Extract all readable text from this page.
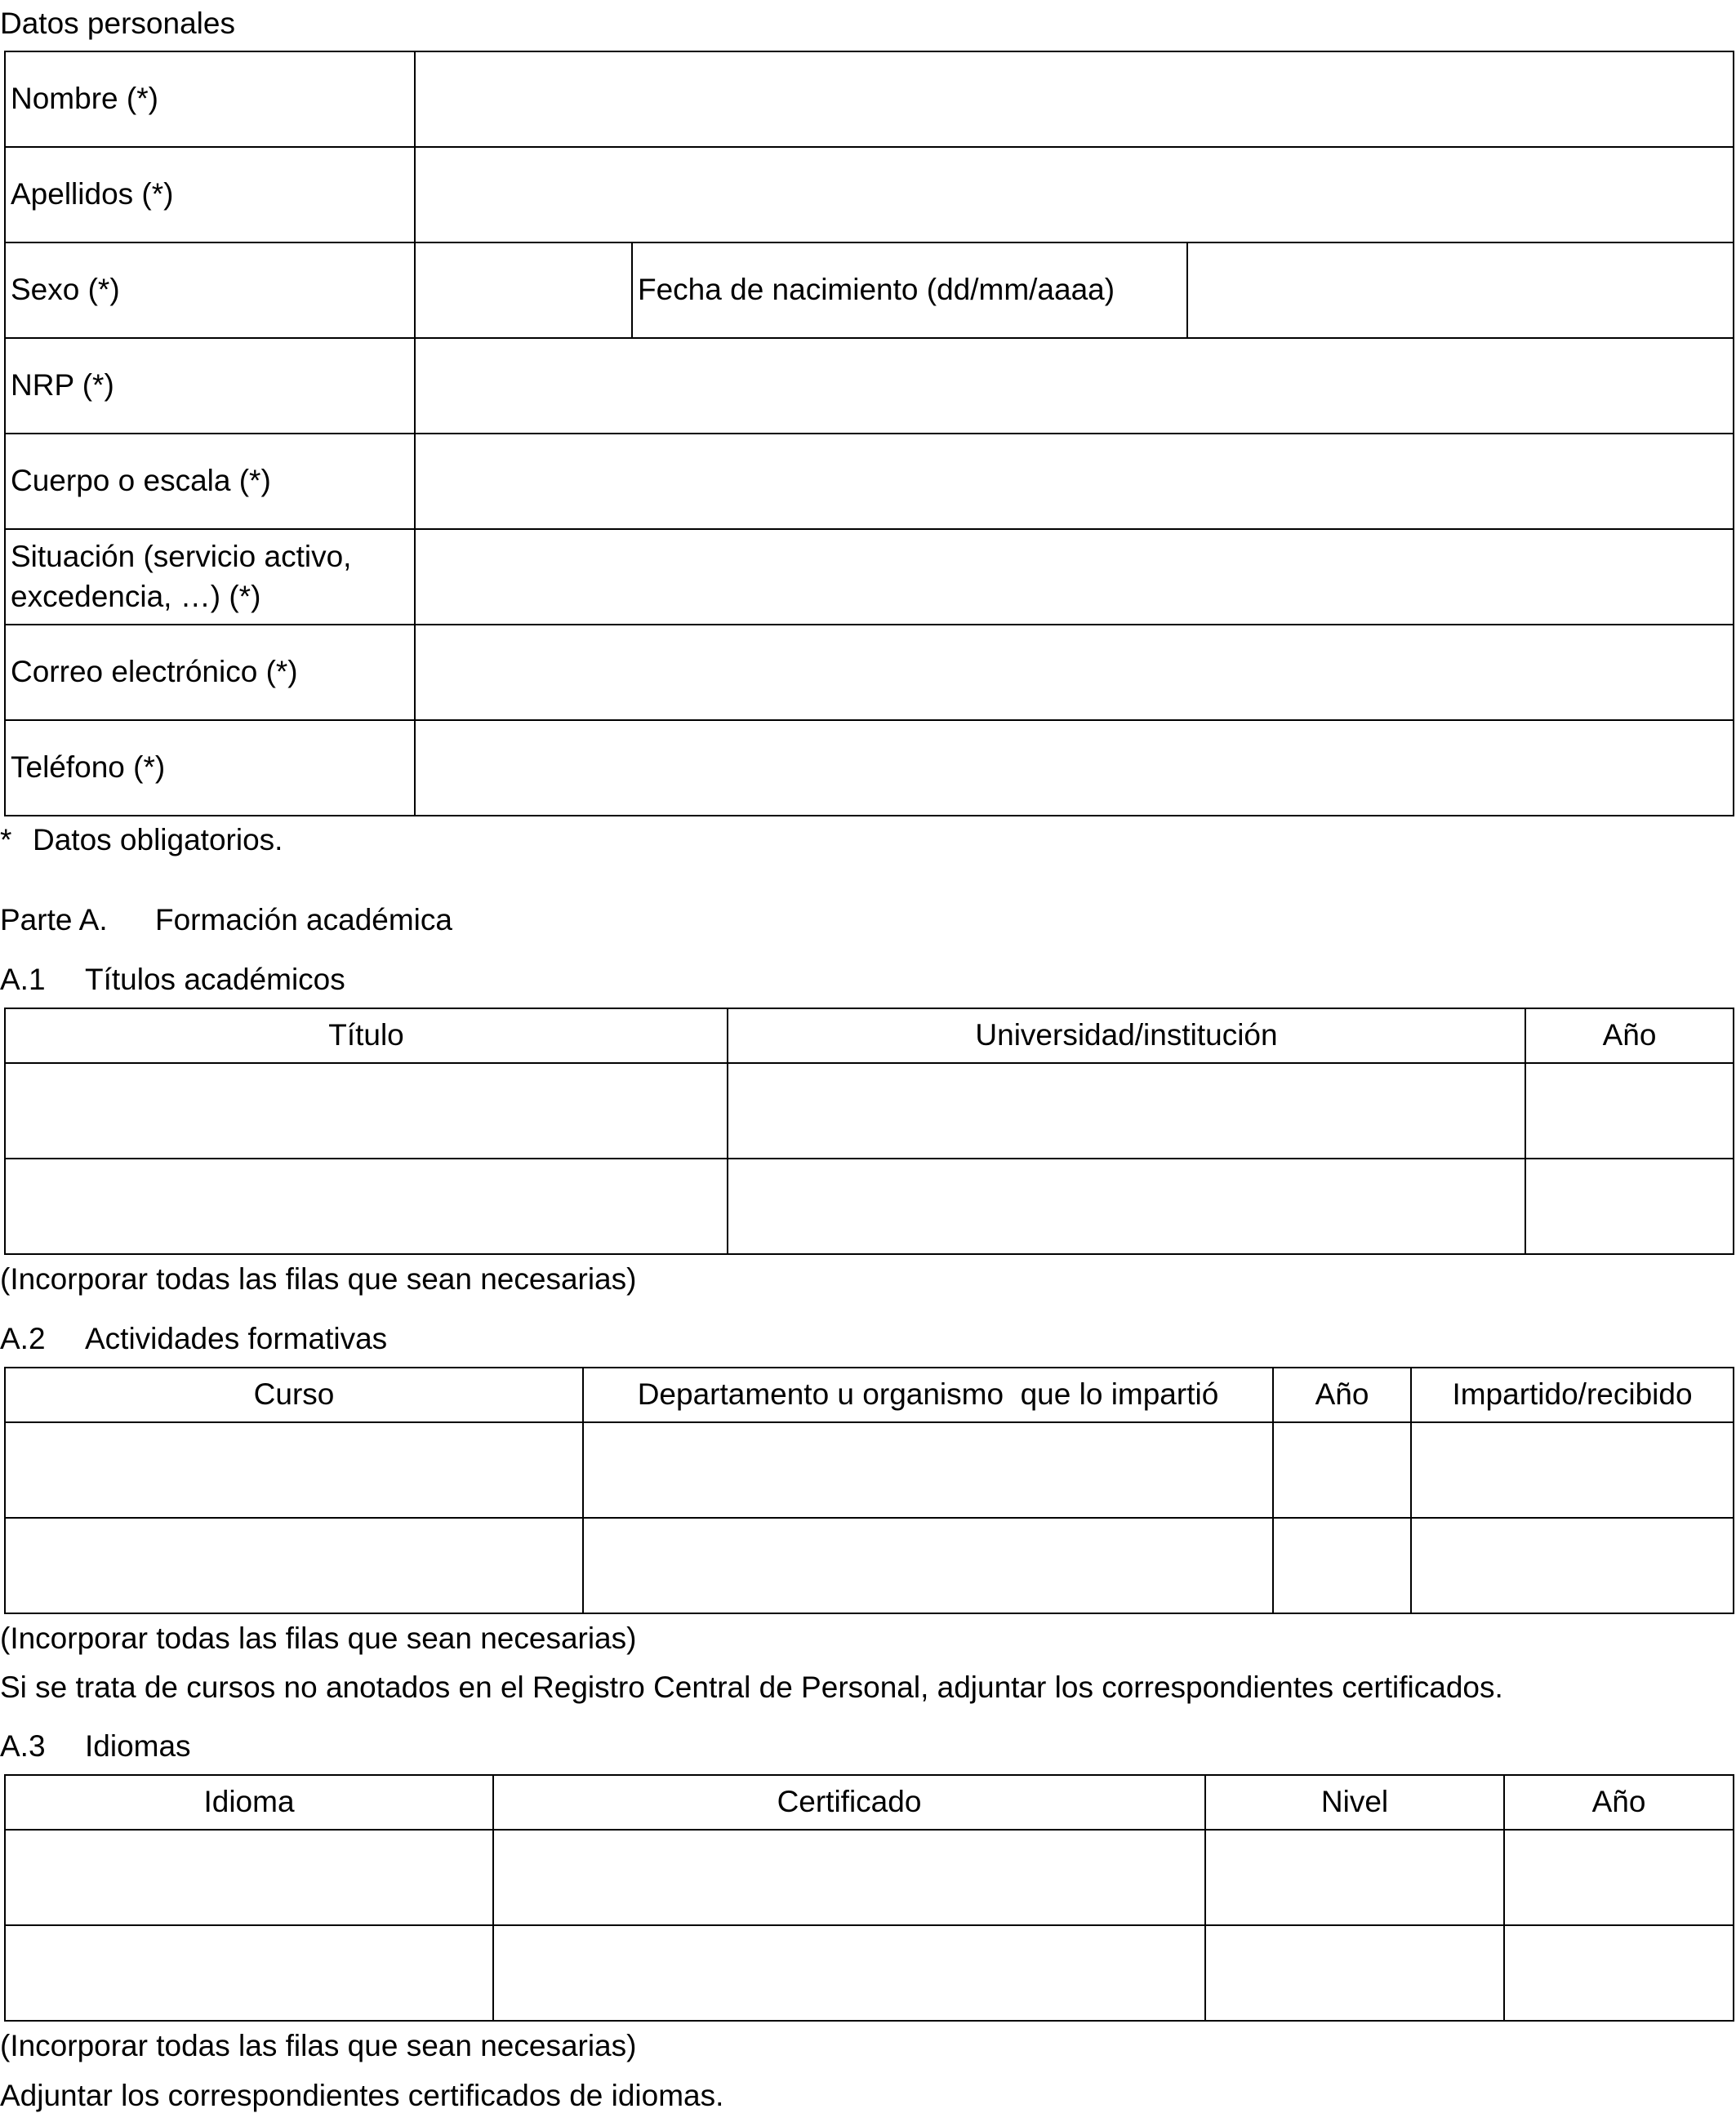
Datos personales
Nombre (*)			
Apellidos (*)			
Sexo (*)		Fecha de nacimiento (dd/mm/aaaa)	
NRP (*)			
Cuerpo o escala (*)			
Situación (servicio activo,
excedencia, …) (*)			
Correo electrónico (*)			
Teléfono (*)			
* Datos obligatorios.
Parte A. Formación académica
A.1 Títulos académicos
Título	Universidad/institución	Año

(Incorporar todas las filas que sean necesarias)
A.2 Actividades formativas
Curso	Departamento u organismo  que lo impartió	Año	Impartido/recibido

(Incorporar todas las filas que sean necesarias)
Si se trata de cursos no anotados en el Registro Central de Personal, adjuntar los correspondientes certificados.
A.3 Idiomas
Idioma	Certificado	Nivel	Año

(Incorporar todas las filas que sean necesarias)
Adjuntar los correspondientes certificados de idiomas.
